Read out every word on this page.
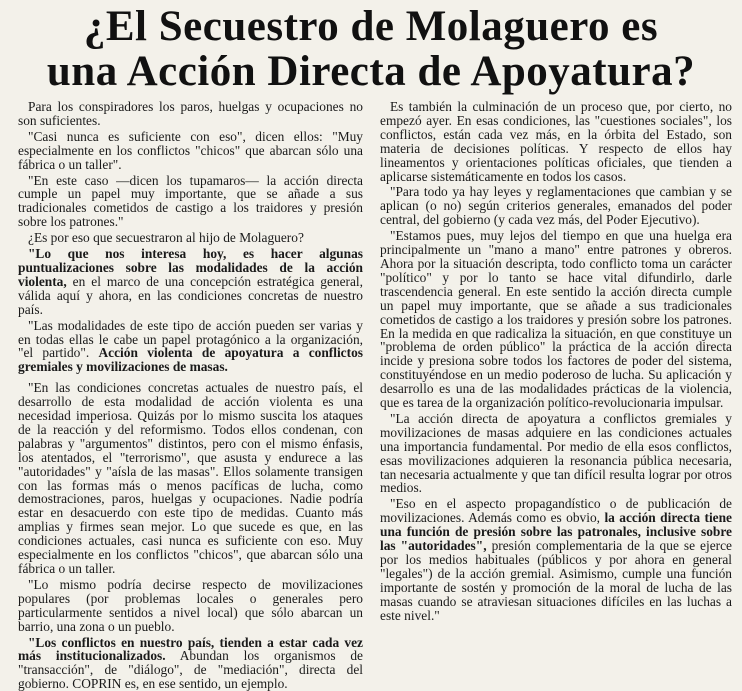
¿El Secuestro de Molaguero es
una Acción Directa de Apoyatura?

Para los conspiradores los paros, huelgas y ocupaciones no son suficientes.

"Casi nunca es suficiente con eso", dicen ellos: "Muy especialmente en los conflictos "chicos" que abarcan sólo una fábrica o un taller".

"En este caso —dicen los tupamaros— la acción directa cumple un papel muy importante, que se añade a sus tradicionales cometidos de castigo a los traidores y presión sobre los patrones."

¿Es por eso que secuestraron al hijo de Molaguero?

"Lo que nos interesa hoy, es hacer algunas puntualizaciones sobre las modalidades de la acción violenta, en el marco de una concepción estratégica general, válida aquí y ahora, en las condiciones concretas de nuestro país.

"Las modalidades de este tipo de acción pueden ser varias y en todas ellas le cabe un papel protagónico a la organización, "el partido". Acción violenta de apoyatura a conflictos gremiales y movilizaciones de masas.

"En las condiciones concretas actuales de nuestro país, el desarrollo de esta modalidad de acción violenta es una necesidad imperiosa. Quizás por lo mismo suscita los ataques de la reacción y del reformismo. Todos ellos condenan, con palabras y "argumentos" distintos, pero con el mismo énfasis, los atentados, el "terrorismo", que asusta y endurece a las "autoridades" y "aísla de las masas". Ellos solamente transigen con las formas más o menos pacíficas de lucha, como demostraciones, paros, huelgas y ocupaciones. Nadie podría estar en desacuerdo con este tipo de medidas. Cuanto más amplias y firmes sean mejor. Lo que sucede es que, en las condiciones actuales, casi nunca es suficiente con eso. Muy especialmente en los conflictos "chicos", que abarcan sólo una fábrica o un taller.

"Lo mismo podría decirse respecto de movilizaciones populares (por problemas locales o generales pero particularmente sentidos a nivel local) que sólo abarcan un barrio, una zona o un pueblo.

"Los conflictos en nuestro país, tienden a estar cada vez más institucionalizados. Abundan los organismos de "transacción", de "diálogo", de "mediación", directa del gobierno. COPRIN es, en ese sentido, un ejemplo.

Es también la culminación de un proceso que, por cierto, no empezó ayer. En esas condiciones, las "cuestiones sociales", los conflictos, están cada vez más, en la órbita del Estado, son materia de decisiones políticas. Y respecto de ellos hay lineamentos y orientaciones políticas oficiales, que tienden a aplicarse sistemáticamente en todos los casos.

"Para todo ya hay leyes y reglamentaciones que cambian y se aplican (o no) según criterios generales, emanados del poder central, del gobierno (y cada vez más, del Poder Ejecutivo).

"Estamos pues, muy lejos del tiempo en que una huelga era principalmente un "mano a mano" entre patrones y obreros. Ahora por la situación descripta, todo conflicto toma un carácter "político" y por lo tanto se hace vital difundirlo, darle trascendencia general. En este sentido la acción directa cumple un papel muy importante, que se añade a sus tradicionales cometidos de castigo a los traidores y presión sobre los patrones. En la medida en que radicaliza la situación, en que constituye un "problema de orden público" la práctica de la acción directa incide y presiona sobre todos los factores de poder del sistema, constituyéndose en un medio poderoso de lucha. Su aplicación y desarrollo es una de las modalidades prácticas de la violencia, que es tarea de la organización político-revolucionaria impulsar.

"La acción directa de apoyatura a conflictos gremiales y movilizaciones de masas adquiere en las condiciones actuales una importancia fundamental. Por medio de ella esos conflictos, esas movilizaciones adquieren la resonancia pública necesaria, tan necesaria actualmente y que tan difícil resulta lograr por otros medios.

"Eso en el aspecto propagandístico o de publicación de movilizaciones. Además como es obvio, la acción directa tiene una función de presión sobre las patronales, inclusive sobre las "autoridades", presión complementaria de la que se ejerce por los medios habituales (públicos y por ahora en general "legales") de la acción gremial. Asimismo, cumple una función importante de sostén y promoción de la moral de lucha de las masas cuando se atraviesan situaciones difíciles en las luchas a este nivel."
